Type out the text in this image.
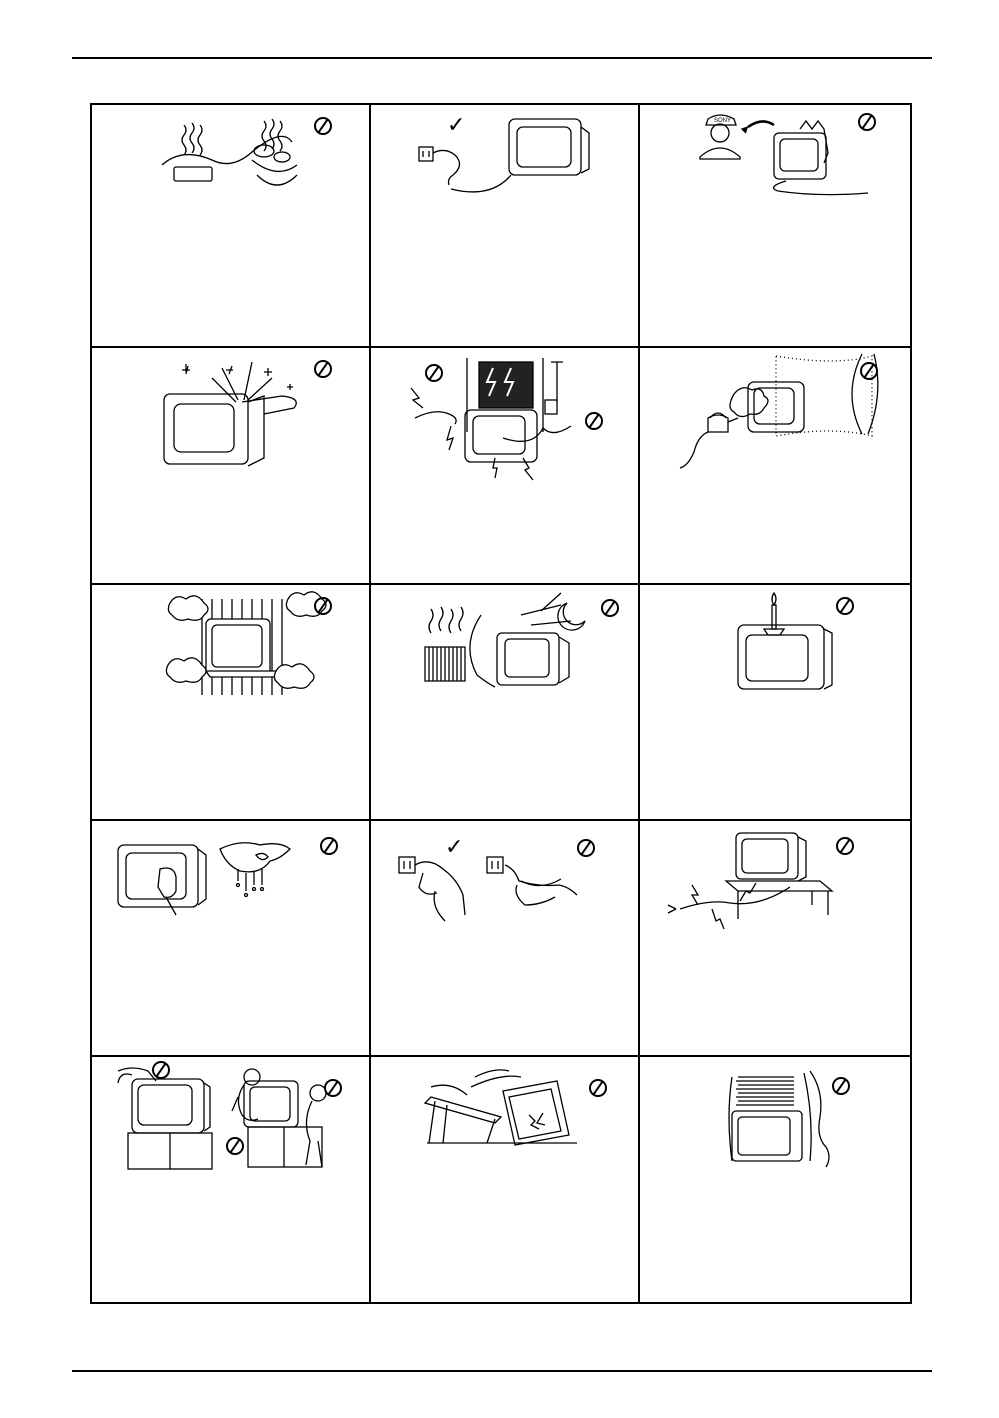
✓	SONY
✓
